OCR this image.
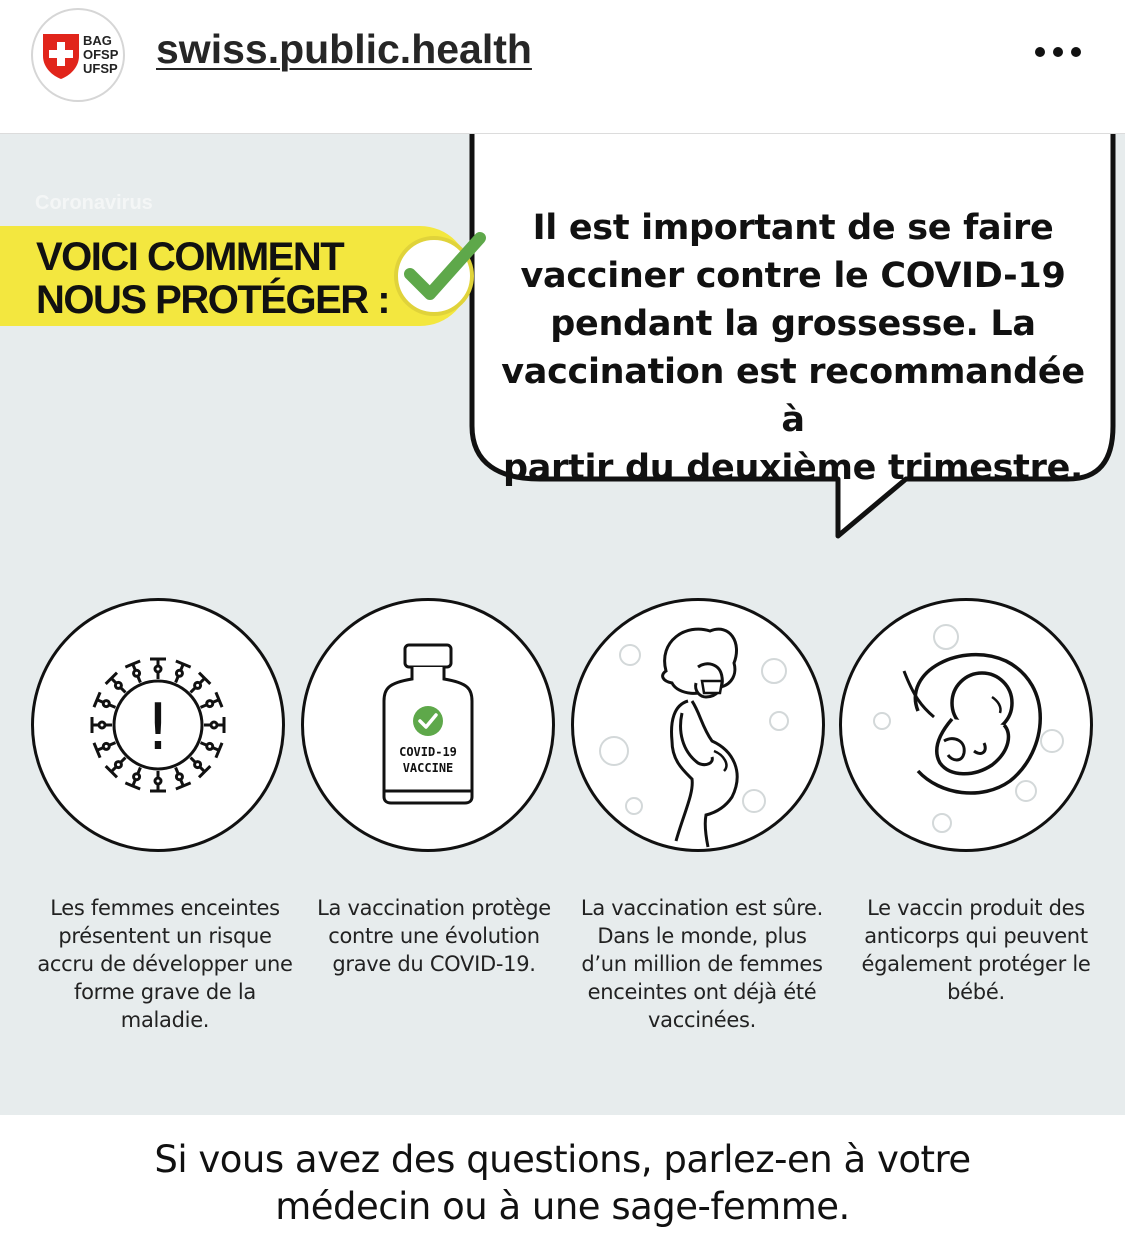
BAG
OFSP
UFSP swiss.public.health
Il est important de se faire
vacciner contre le COVID-19
pendant la grossesse. La
vaccination est recommandée à
partir du deuxième trimestre.
Coronavirus
VOICI COMMENT
NOUS PROTÉGER :
!	COVID-19
VACCINE
Les femmes enceintes présentent un risque accru de développer une forme grave de la maladie.
La vaccination protège contre une évolution grave du COVID-19.
La vaccination est sûre. Dans le monde, plus d’un million de femmes enceintes ont déjà été vaccinées.
Le vaccin produit des anticorps qui peuvent également protéger le bébé.
Si vous avez des questions, parlez-en à votre
médecin ou à une sage-femme.
